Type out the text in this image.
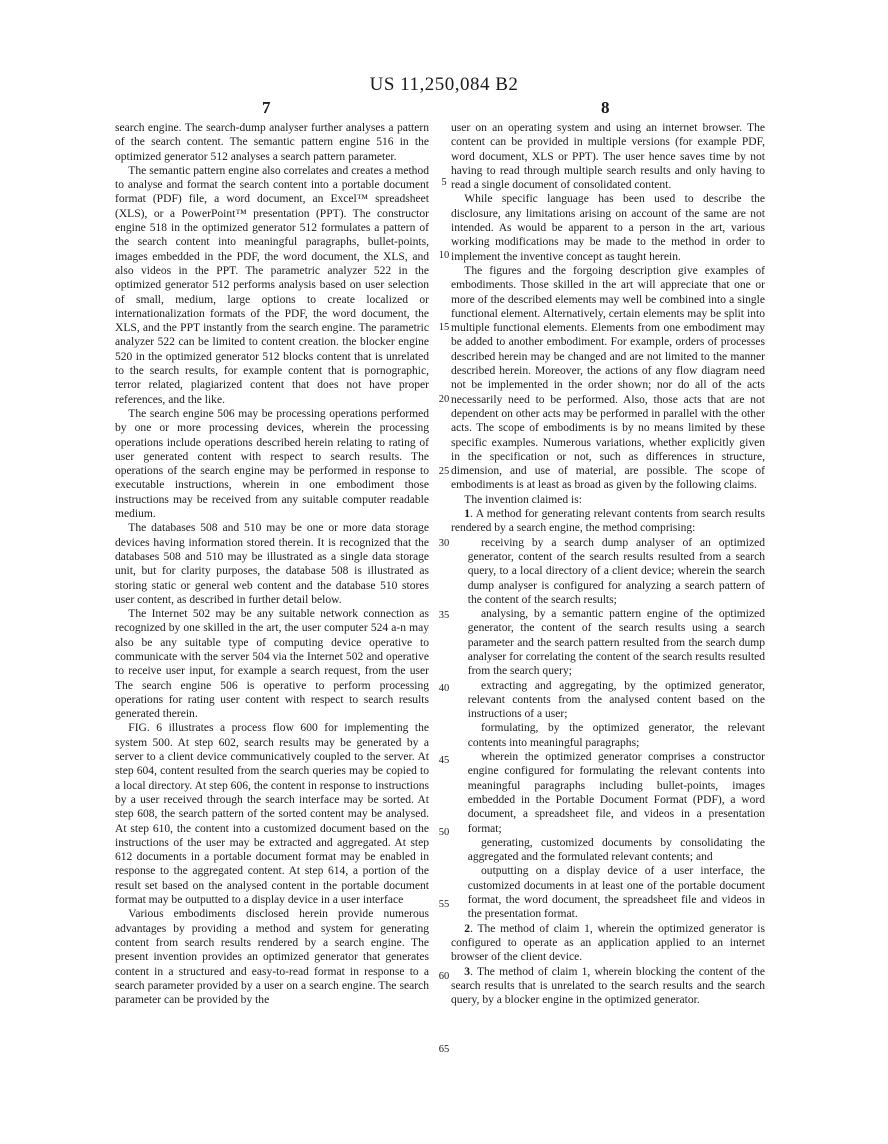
US 11,250,084 B2
7	8

search engine. The search-dump analyser further analyses a pattern of the search content. The semantic pattern engine 516 in the optimized generator 512 analyses a search pattern parameter.

The semantic pattern engine also correlates and creates a method to analyse and format the search content into a portable document format (PDF) file, a word document, an Excel™ spreadsheet (XLS), or a PowerPoint™ presentation (PPT). The constructor engine 518 in the optimized generator 512 formulates a pattern of the search content into meaningful paragraphs, bullet-points, images embedded in the PDF, the word document, the XLS, and also videos in the PPT. The parametric analyzer 522 in the optimized generator 512 performs analysis based on user selection of small, medium, large options to create localized or internationalization formats of the PDF, the word document, the XLS, and the PPT instantly from the search engine. The parametric analyzer 522 can be limited to content creation. the blocker engine 520 in the optimized generator 512 blocks content that is unrelated to the search results, for example content that is pornographic, terror related, plagiarized content that does not have proper references, and the like.

The search engine 506 may be processing operations performed by one or more processing devices, wherein the processing operations include operations described herein relating to rating of user generated content with respect to search results. The operations of the search engine may be performed in response to executable instructions, wherein in one embodiment those instructions may be received from any suitable computer readable medium.

The databases 508 and 510 may be one or more data storage devices having information stored therein. It is recognized that the databases 508 and 510 may be illustrated as a single data storage unit, but for clarity purposes, the database 508 is illustrated as storing static or general web content and the database 510 stores user content, as described in further detail below.

The Internet 502 may be any suitable network connection as recognized by one skilled in the art, the user computer 524 a-n may also be any suitable type of computing device operative to communicate with the server 504 via the Internet 502 and operative to receive user input, for example a search request, from the user The search engine 506 is operative to perform processing operations for rating user content with respect to search results generated therein.

FIG. 6 illustrates a process flow 600 for implementing the system 500. At step 602, search results may be generated by a server to a client device communicatively coupled to the server. At step 604, content resulted from the search queries may be copied to a local directory. At step 606, the content in response to instructions by a user received through the search interface may be sorted. At step 608, the search pattern of the sorted content may be analysed. At step 610, the content into a customized document based on the instructions of the user may be extracted and aggregated. At step 612 documents in a portable document format may be enabled in response to the aggregated content. At step 614, a portion of the result set based on the analysed content in the portable document format may be outputted to a display device in a user interface

Various embodiments disclosed herein provide numerous advantages by providing a method and system for generating content from search results rendered by a search engine. The present invention provides an optimized generator that generates content in a structured and easy-to-read format in response to a search parameter provided by a user on a search engine. The search parameter can be provided by the

5
10
15
20
25
30
35
40
45
50
55
60
65

user on an operating system and using an internet browser. The content can be provided in multiple versions (for example PDF, word document, XLS or PPT). The user hence saves time by not having to read through multiple search results and only having to read a single document of consolidated content.

While specific language has been used to describe the disclosure, any limitations arising on account of the same are not intended. As would be apparent to a person in the art, various working modifications may be made to the method in order to implement the inventive concept as taught herein.

The figures and the forgoing description give examples of embodiments. Those skilled in the art will appreciate that one or more of the described elements may well be combined into a single functional element. Alternatively, certain elements may be split into multiple functional elements. Elements from one embodiment may be added to another embodiment. For example, orders of processes described herein may be changed and are not limited to the manner described herein. Moreover, the actions of any flow diagram need not be implemented in the order shown; nor do all of the acts necessarily need to be performed. Also, those acts that are not dependent on other acts may be performed in parallel with the other acts. The scope of embodiments is by no means limited by these specific examples. Numerous variations, whether explicitly given in the specification or not, such as differences in structure, dimension, and use of material, are possible. The scope of embodiments is at least as broad as given by the following claims.

The invention claimed is:

1. A method for generating relevant contents from search results rendered by a search engine, the method comprising:

receiving by a search dump analyser of an optimized generator, content of the search results resulted from a search query, to a local directory of a client device; wherein the search dump analyser is configured for analyzing a search pattern of the content of the search results;

analysing, by a semantic pattern engine of the optimized generator, the content of the search results using a search parameter and the search pattern resulted from the search dump analyser for correlating the content of the search results resulted from the search query;

extracting and aggregating, by the optimized generator, relevant contents from the analysed content based on the instructions of a user;

formulating, by the optimized generator, the relevant contents into meaningful paragraphs;

wherein the optimized generator comprises a constructor engine configured for formulating the relevant contents into meaningful paragraphs including bullet-points, images embedded in the Portable Document Format (PDF), a word document, a spreadsheet file, and videos in a presentation format;

generating, customized documents by consolidating the aggregated and the formulated relevant contents; and

outputting on a display device of a user interface, the customized documents in at least one of the portable document format, the word document, the spreadsheet file and videos in the presentation format.

2. The method of claim 1, wherein the optimized generator is configured to operate as an application applied to an internet browser of the client device.

3. The method of claim 1, wherein blocking the content of the search results that is unrelated to the search results and the search query, by a blocker engine in the optimized generator.
